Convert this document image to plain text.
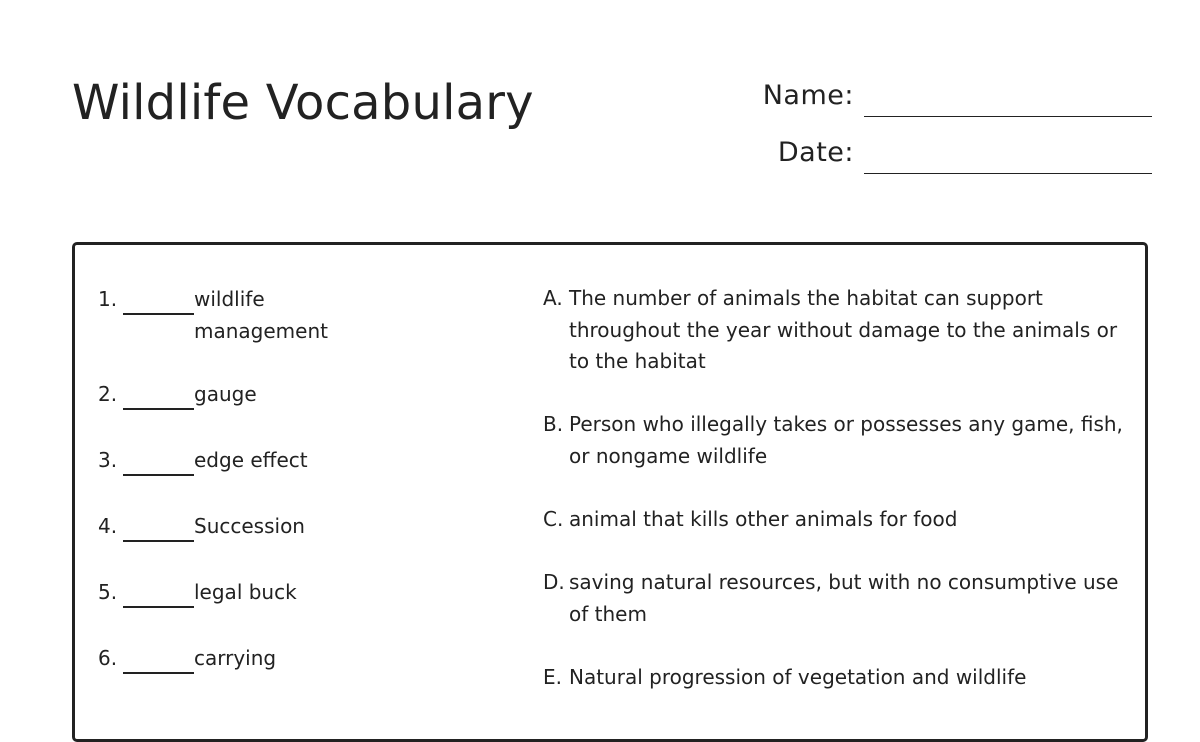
Wildlife Vocabulary	Name:
Date:
1.	wildlife management
2.	gauge
3.	edge effect
4.	Succession
5.	legal buck
6.	carrying
A. The number of animals the habitat can support throughout the year without damage to the animals or to the habitat
B. Person who illegally takes or possesses any game, fish, or nongame wildlife
C. animal that kills other animals for food
D. saving natural resources, but with no consumptive use of them
E. Natural progression of vegetation and wildlife
